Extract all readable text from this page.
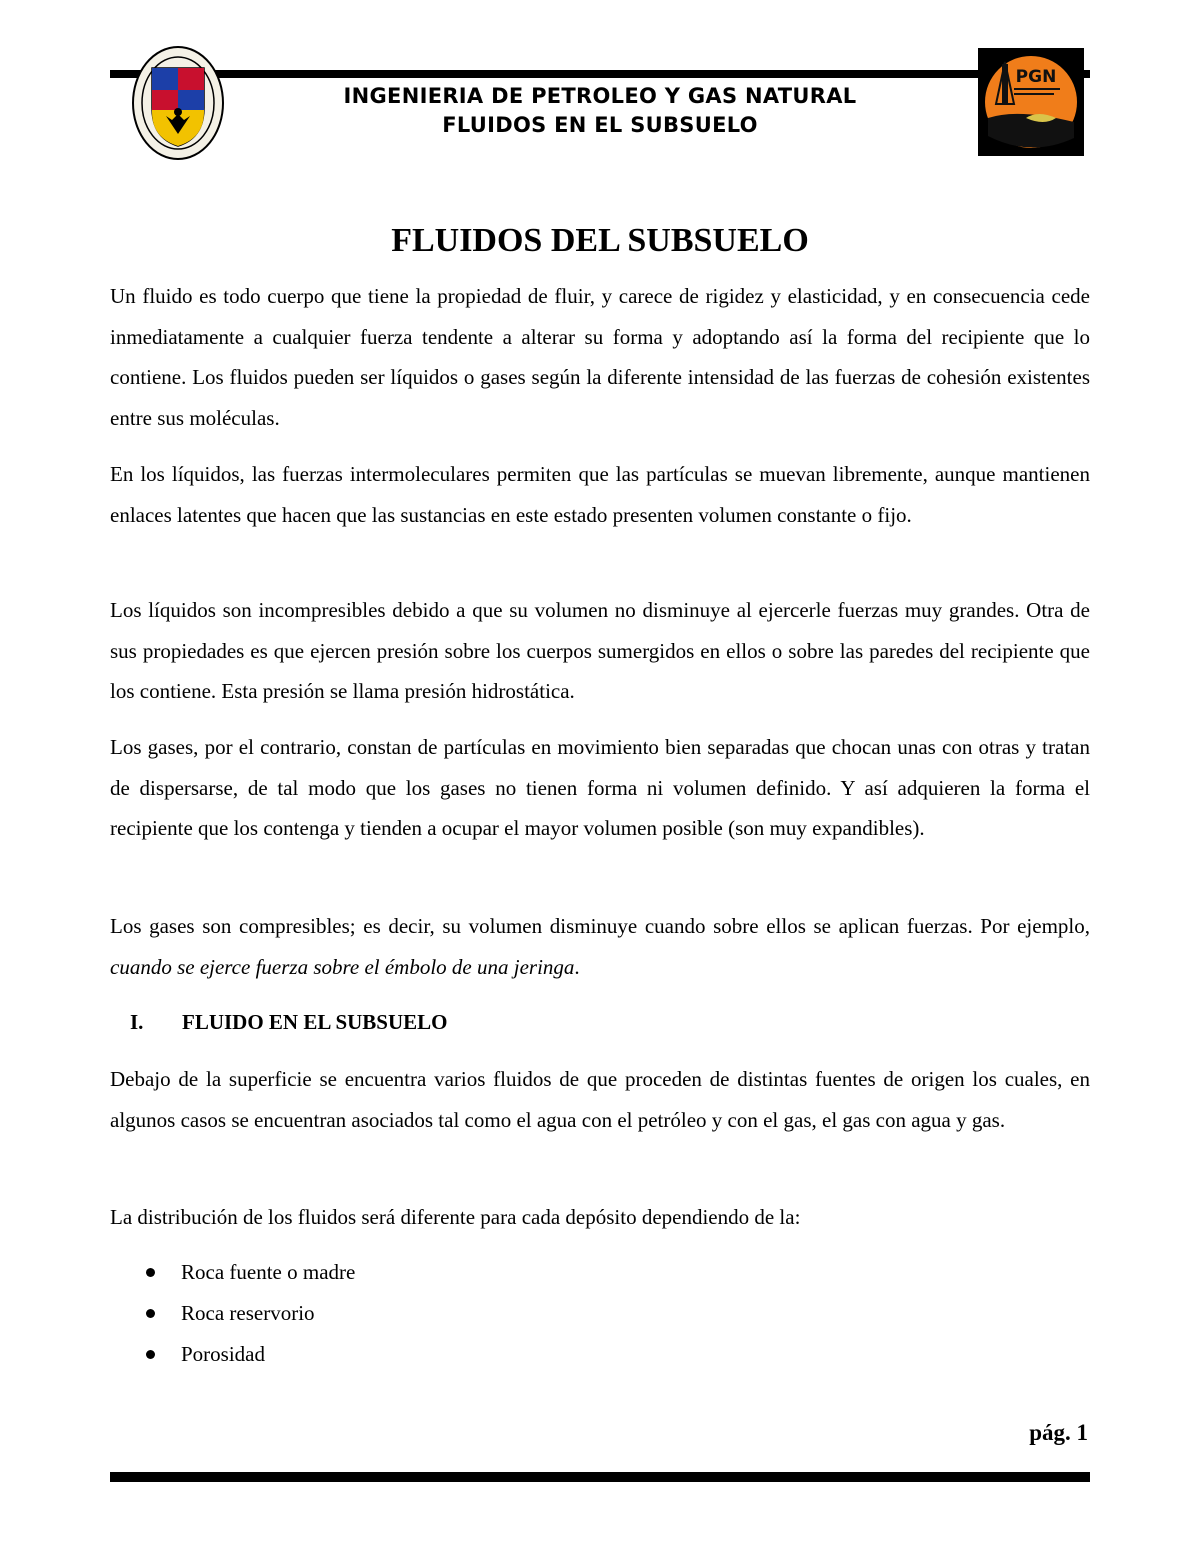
INGENIERIA DE PETROLEO Y GAS NATURAL
FLUIDOS EN EL SUBSUELO
PGN
FLUIDOS DEL SUBSUELO

Un fluido es todo cuerpo que tiene la propiedad de fluir, y carece de rigidez y elasticidad, y en consecuencia cede inmediatamente a cualquier fuerza tendente a alterar su forma y adoptando así la forma del recipiente que lo contiene. Los fluidos pueden ser líquidos o gases según la diferente intensidad de las fuerzas de cohesión existentes entre sus moléculas.

En los líquidos, las fuerzas intermoleculares permiten que las partículas se muevan libremente, aunque mantienen enlaces latentes que hacen que las sustancias en este estado presenten volumen constante o fijo.

Los líquidos son incompresibles debido a que su volumen no disminuye al ejercerle fuerzas muy grandes. Otra de sus propiedades es que ejercen presión sobre los cuerpos sumergidos en ellos o sobre las paredes del recipiente que los contiene. Esta presión se llama presión hidrostática.

Los gases, por el contrario, constan de partículas en movimiento bien separadas que chocan unas con otras y tratan de dispersarse, de tal modo que los gases no tienen forma ni volumen definido. Y así adquieren la forma el recipiente que los contenga y tienden a ocupar el mayor volumen posible (son muy expandibles).

Los gases son compresibles; es decir, su volumen disminuye cuando sobre ellos se aplican fuerzas. Por ejemplo, cuando se ejerce fuerza sobre el émbolo de una jeringa.

I. FLUIDO EN EL SUBSUELO

Debajo de la superficie se encuentra varios fluidos de que proceden de distintas fuentes de origen los cuales, en algunos casos se encuentran asociados tal como el agua con el petróleo y con el gas, el gas con agua y gas.

La distribución de los fluidos será diferente para cada depósito dependiendo de la:

Roca fuente o madre
Roca reservorio
Porosidad
pág. 1
